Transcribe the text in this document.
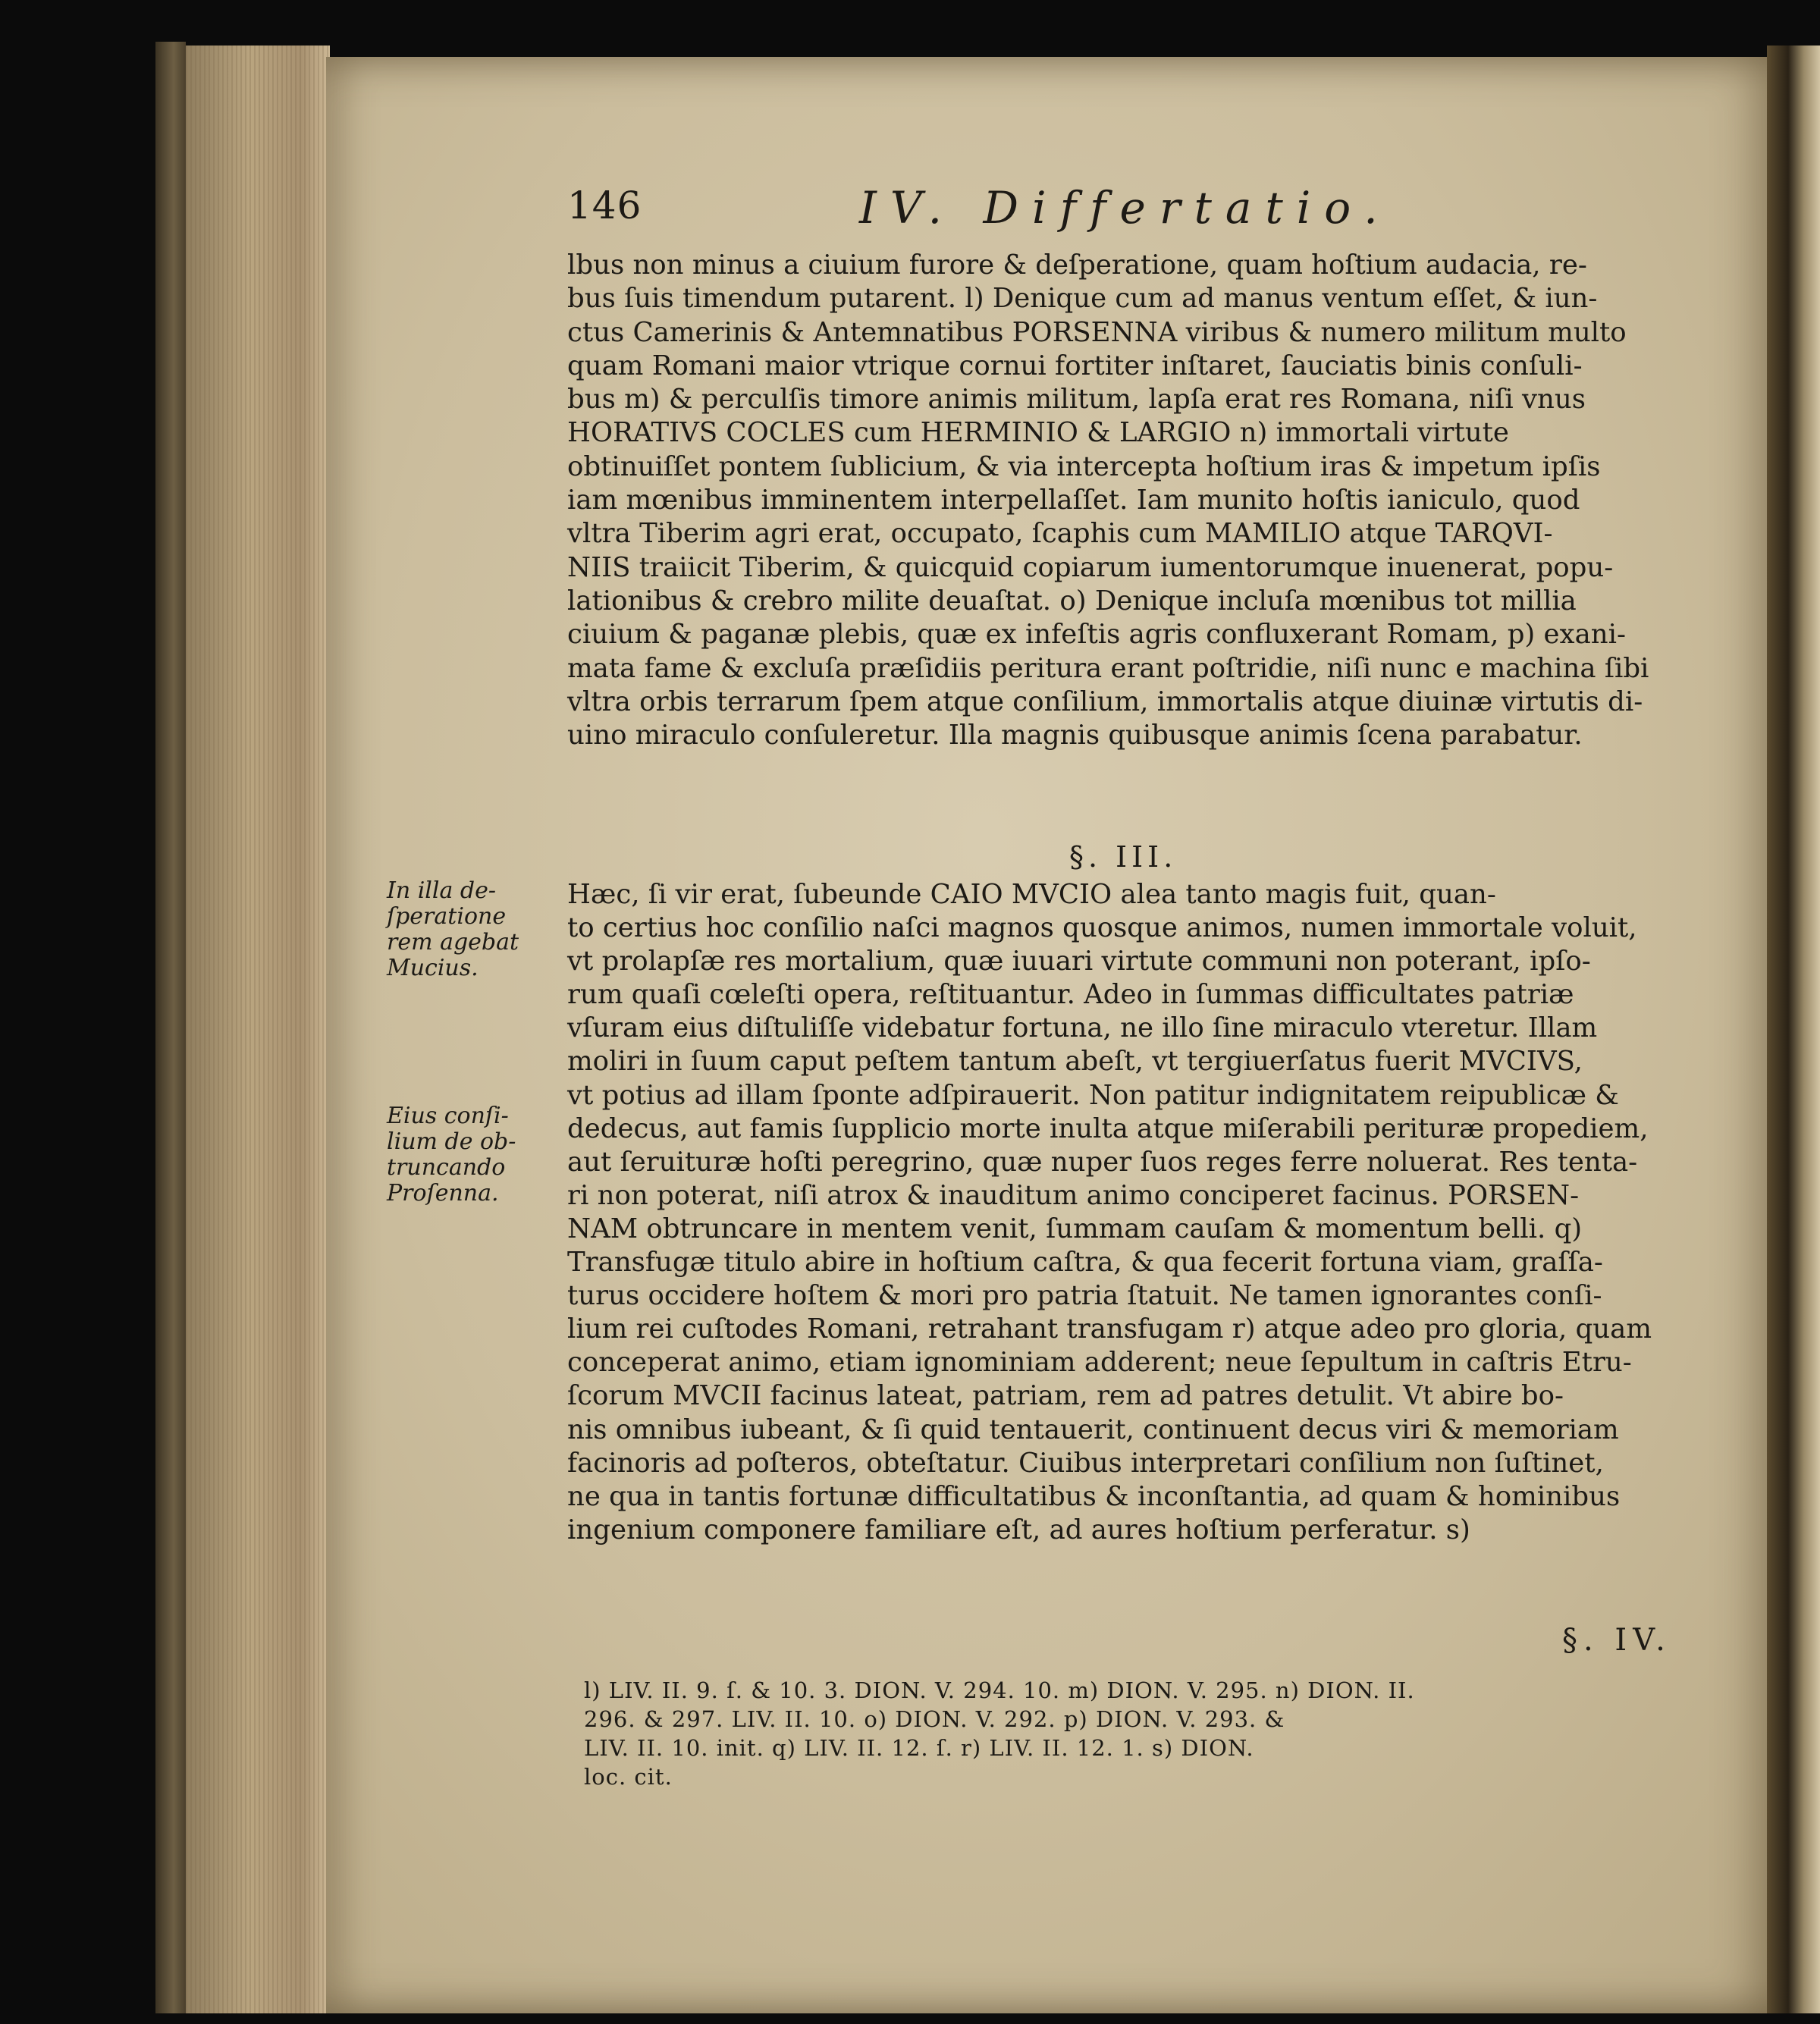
146	IV. Differtatio.
lbus non minus a ciuium furore & deſperatione, quam hoſtium audacia, re-
bus ſuis timendum putarent. l) Denique cum ad manus ventum eſſet, & iun-
ctus Camerinis & Antemnatibus PORSENNA viribus & numero militum multo
quam Romani maior vtrique cornui fortiter inſtaret, ſauciatis binis conſuli-
bus m) & perculſis timore animis militum, lapſa erat res Romana, niſi vnus
HORATIVS COCLES cum HERMINIO & LARGIO n) immortali virtute
obtinuiſſet pontem ſublicium, & via intercepta hoſtium iras & impetum ipſis
iam mœnibus imminentem interpellaſſet. Iam munito hoſtis ianiculo, quod
vltra Tiberim agri erat, occupato, ſcaphis cum MAMILIO atque TARQVI-
NIIS traiicit Tiberim, & quicquid copiarum iumentorumque inuenerat, popu-
lationibus & crebro milite deuaſtat. o) Denique incluſa mœnibus tot millia
ciuium & paganæ plebis, quæ ex infeſtis agris confluxerant Romam, p) exani-
mata fame & excluſa præſidiis peritura erant poſtridie, niſi nunc e machina ſibi
vltra orbis terrarum ſpem atque conſilium, immortalis atque diuinæ virtutis di-
uino miraculo conſuleretur. Illa magnis quibusque animis ſcena parabatur.
§. III.
Hæc, ſi vir erat, ſubeunde CAIO MVCIO alea tanto magis fuit, quan-
to certius hoc conſilio naſci magnos quosque animos, numen immortale voluit,
vt prolapſæ res mortalium, quæ iuuari virtute communi non poterant, ipſo-
rum quaſi cœleſti opera, reſtituantur. Adeo in ſummas difficultates patriæ
vſuram eius diſtuliſſe videbatur fortuna, ne illo ſine miraculo vteretur. Illam
moliri in ſuum caput peſtem tantum abeſt, vt tergiuerſatus fuerit MVCIVS,
vt potius ad illam ſponte adſpirauerit. Non patitur indignitatem reipublicæ &
dedecus, aut famis ſupplicio morte inulta atque miſerabili perituræ propediem,
aut ſeruituræ hoſti peregrino, quæ nuper ſuos reges ferre noluerat. Res tenta-
ri non poterat, niſi atrox & inauditum animo conciperet facinus. PORSEN-
NAM obtruncare in mentem venit, ſummam cauſam & momentum belli. q)
Transfugæ titulo abire in hoſtium caſtra, & qua fecerit fortuna viam, graſſa-
turus occidere hoſtem & mori pro patria ſtatuit. Ne tamen ignorantes conſi-
lium rei cuſtodes Romani, retrahant transfugam r) atque adeo pro gloria, quam
conceperat animo, etiam ignominiam adderent; neue ſepultum in caſtris Etru-
ſcorum MVCII facinus lateat, patriam, rem ad patres detulit. Vt abire bo-
nis omnibus iubeant, & ſi quid tentauerit, continuent decus viri & memoriam
facinoris ad poſteros, obteſtatur. Ciuibus interpretari conſilium non ſuſtinet,
ne qua in tantis fortunæ difficultatibus & inconſtantia, ad quam & hominibus
ingenium componere familiare eſt, ad aures hoſtium perferatur. s)
In illa de-
ſperatione
rem agebat
Mucius.
Eius conſi-
lium de ob-
truncando
Proſenna.
§. IV.
l) LIV. II. 9. ſ. & 10. 3. DION. V. 294. 10. m) DION. V. 295. n) DION. II.
296. & 297. LIV. II. 10. o) DION. V. 292. p) DION. V. 293. &
LIV. II. 10. init. q) LIV. II. 12. ſ. r) LIV. II. 12. 1. s) DION.
loc. cit.
